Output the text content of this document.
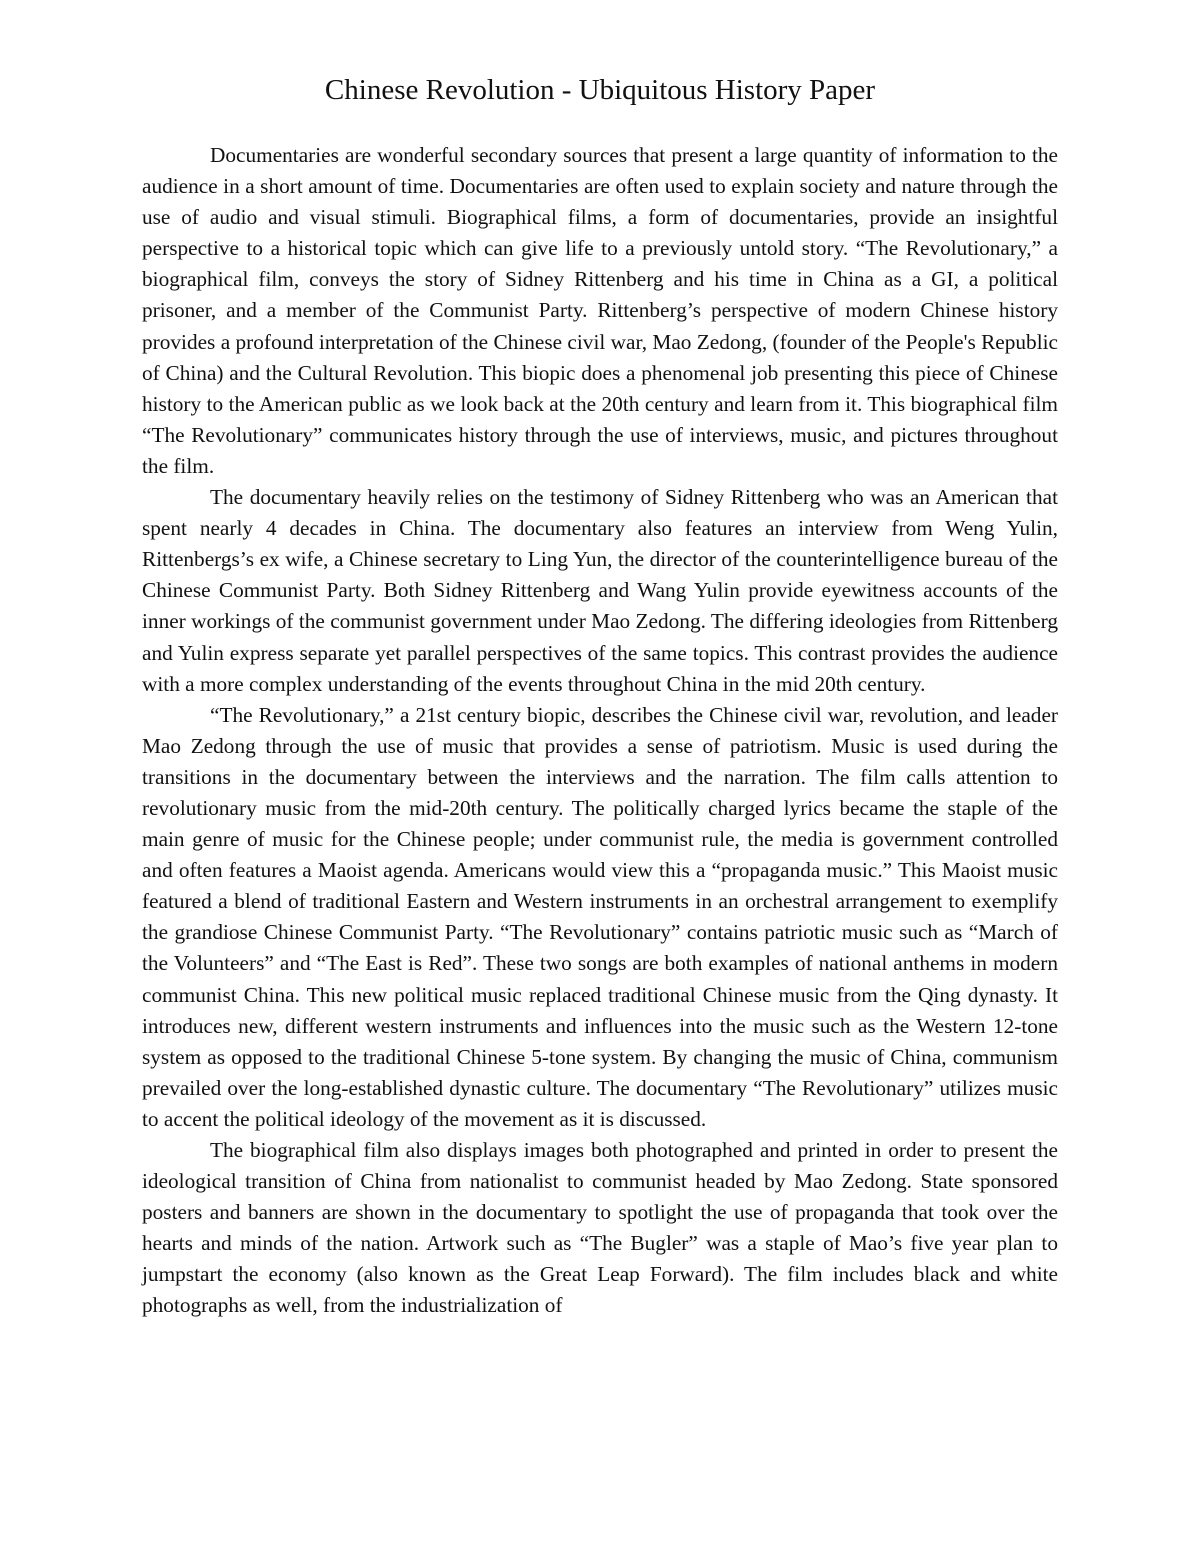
Chinese Revolution - Ubiquitous History Paper

Documentaries are wonderful secondary sources that present a large quantity of information to the audience in a short amount of time. Documentaries are often used to explain society and nature through the use of audio and visual stimuli. Biographical films, a form of documentaries, provide an insightful perspective to a historical topic which can give life to a previously untold story. “The Revolutionary,” a biographical film, conveys the story of Sidney Rittenberg and his time in China as a GI, a political prisoner, and a member of the Communist Party. Rittenberg’s perspective of modern Chinese history provides a profound interpretation of the Chinese civil war, Mao Zedong, (founder of the People's Republic of China) and the Cultural Revolution. This biopic does a phenomenal job presenting this piece of Chinese history to the American public as we look back at the 20th century and learn from it. This biographical film “The Revolutionary” communicates history through the use of interviews, music, and pictures throughout the film.

The documentary heavily relies on the testimony of Sidney Rittenberg who was an American that spent nearly 4 decades in China. The documentary also features an interview from Weng Yulin, Rittenbergs’s ex wife, a Chinese secretary to Ling Yun, the director of the counterintelligence bureau of the Chinese Communist Party. Both Sidney Rittenberg and Wang Yulin provide eyewitness accounts of the inner workings of the communist government under Mao Zedong. The differing ideologies from Rittenberg and Yulin express separate yet parallel perspectives of the same topics. This contrast provides the audience with a more complex understanding of the events throughout China in the mid 20th century.

“The Revolutionary,” a 21st century biopic, describes the Chinese civil war, revolution, and leader Mao Zedong through the use of music that provides a sense of patriotism. Music is used during the transitions in the documentary between the interviews and the narration. The film calls attention to revolutionary music from the mid-20th century. The politically charged lyrics became the staple of the main genre of music for the Chinese people; under communist rule, the media is government controlled and often features a Maoist agenda. Americans would view this a “propaganda music.” This Maoist music featured a blend of traditional Eastern and Western instruments in an orchestral arrangement to exemplify the grandiose Chinese Communist Party. “The Revolutionary” contains patriotic music such as “March of the Volunteers” and “The East is Red”. These two songs are both examples of national anthems in modern communist China. This new political music replaced traditional Chinese music from the Qing dynasty. It introduces new, different western instruments and influences into the music such as the Western 12-tone system as opposed to the traditional Chinese 5-tone system. By changing the music of China, communism prevailed over the long-established dynastic culture. The documentary “The Revolutionary” utilizes music to accent the political ideology of the movement as it is discussed.

The biographical film also displays images both photographed and printed in order to present the ideological transition of China from nationalist to communist headed by Mao Zedong. State sponsored posters and banners are shown in the documentary to spotlight the use of propaganda that took over the hearts and minds of the nation. Artwork such as “The Bugler” was a staple of Mao’s five year plan to jumpstart the economy (also known as the Great Leap Forward). The film includes black and white photographs as well, from the industrialization of
